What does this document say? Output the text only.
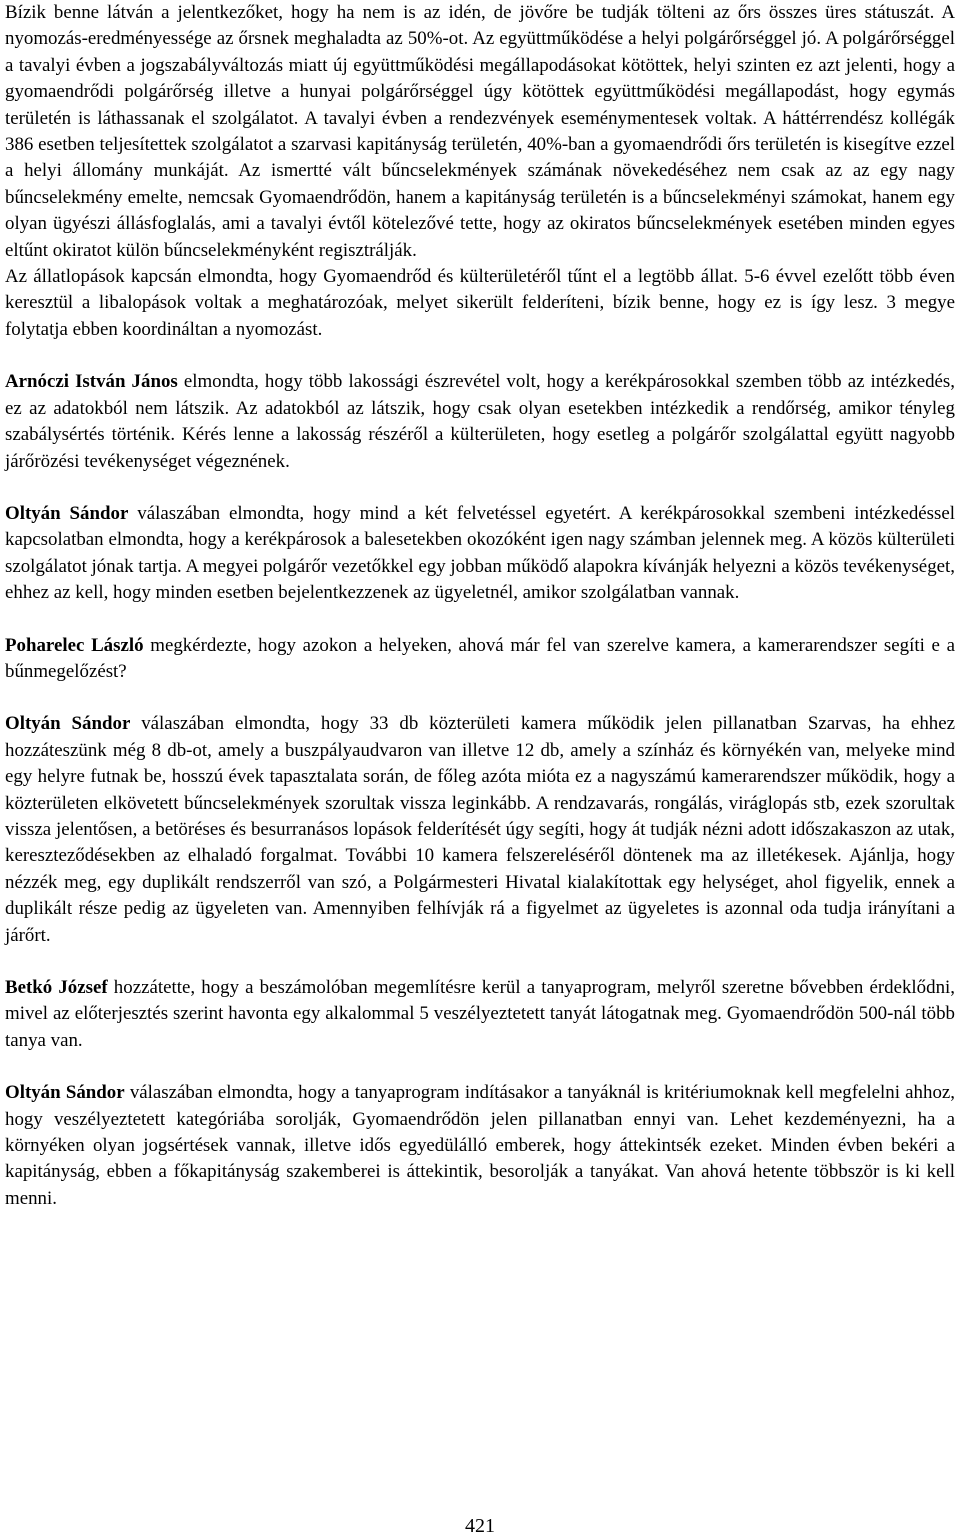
Bízik benne látván a jelentkezőket, hogy ha nem is az idén, de jövőre be tudják tölteni az őrs összes üres státuszát. A nyomozás-eredményessége az őrsnek meghaladta az 50%-ot. Az együttműködése a helyi polgárőrséggel jó. A polgárőrséggel a tavalyi évben a jogszabályváltozás miatt új együttműködési megállapodásokat kötöttek, helyi szinten ez azt jelenti, hogy a gyomaendrődi polgárőrség illetve a hunyai polgárőrséggel úgy kötöttek együttműködési megállapodást, hogy egymás területén is láthassanak el szolgálatot. A tavalyi évben a rendezvények eseménymentesek voltak. A háttérrendész kollégák 386 esetben teljesítettek szolgálatot a szarvasi kapitányság területén, 40%-ban a gyomaendrődi őrs területén is kisegítve ezzel a helyi állomány munkáját. Az ismertté vált bűncselekmények számának növekedéséhez nem csak az az egy nagy bűncselekmény emelte, nemcsak Gyomaendrődön, hanem a kapitányság területén is a bűncselekményi számokat, hanem egy olyan ügyészi állásfoglalás, ami a tavalyi évtől kötelezővé tette, hogy az okiratos bűncselekmények esetében minden egyes eltűnt okiratot külön bűncselekményként regisztrálják.

Az állatlopások kapcsán elmondta, hogy Gyomaendrőd és külterületéről tűnt el a legtöbb állat. 5-6 évvel ezelőtt több éven keresztül a libalopások voltak a meghatározóak, melyet sikerült felderíteni, bízik benne, hogy ez is így lesz. 3 megye folytatja ebben koordináltan a nyomozást.

Arnóczi István János elmondta, hogy több lakossági észrevétel volt, hogy a kerékpárosokkal szemben több az intézkedés, ez az adatokból nem látszik. Az adatokból az látszik, hogy csak olyan esetekben intézkedik a rendőrség, amikor tényleg szabálysértés történik. Kérés lenne a lakosság részéről a külterületen, hogy esetleg a polgárőr szolgálattal együtt nagyobb járőrözési tevékenységet végeznének.

Oltyán Sándor válaszában elmondta, hogy mind a két felvetéssel egyetért. A kerékpárosokkal szembeni intézkedéssel kapcsolatban elmondta, hogy a kerékpárosok a balesetekben okozóként igen nagy számban jelennek meg. A közös külterületi szolgálatot jónak tartja. A megyei polgárőr vezetőkkel egy jobban működő alapokra kívánják helyezni a közös tevékenységet, ehhez az kell, hogy minden esetben bejelentkezzenek az ügyeletnél, amikor szolgálatban vannak.

Poharelec László megkérdezte, hogy azokon a helyeken, ahová már fel van szerelve kamera, a kamerarendszer segíti e a bűnmegelőzést?

Oltyán Sándor válaszában elmondta, hogy 33 db közterületi kamera működik jelen pillanatban Szarvas, ha ehhez hozzáteszünk még 8 db-ot, amely a buszpályaudvaron van illetve 12 db, amely a színház és környékén van, melyeke mind egy helyre futnak be, hosszú évek tapasztalata során, de főleg azóta mióta ez a nagyszámú kamerarendszer működik, hogy a közterületen elkövetett bűncselekmények szorultak vissza leginkább. A rendzavarás, rongálás, viráglopás stb, ezek szorultak vissza jelentősen, a betöréses és besurranásos lopások felderítését úgy segíti, hogy át tudják nézni adott időszakaszon az utak, kereszteződésekben az elhaladó forgalmat. További 10 kamera felszereléséről döntenek ma az illetékesek. Ajánlja, hogy nézzék meg, egy duplikált rendszerről van szó, a Polgármesteri Hivatal kialakítottak egy helységet, ahol figyelik, ennek a duplikált része pedig az ügyeleten van. Amennyiben felhívják rá a figyelmet az ügyeletes is azonnal oda tudja irányítani a járőrt.

Betkó József hozzátette, hogy a beszámolóban megemlítésre kerül a tanyaprogram, melyről szeretne bővebben érdeklődni, mivel az előterjesztés szerint havonta egy alkalommal 5 veszélyeztetett tanyát látogatnak meg. Gyomaendrődön 500-nál több tanya van.

Oltyán Sándor válaszában elmondta, hogy a tanyaprogram indításakor a tanyáknál is kritériumoknak kell megfelelni ahhoz, hogy veszélyeztetett kategóriába sorolják, Gyomaendrődön jelen pillanatban ennyi van. Lehet kezdeményezni, ha a környéken olyan jogsértések vannak, illetve idős egyedülálló emberek, hogy áttekintsék ezeket. Minden évben bekéri a kapitányság, ebben a főkapitányság szakemberei is áttekintik, besorolják a tanyákat. Van ahová hetente többször is ki kell menni.

421
